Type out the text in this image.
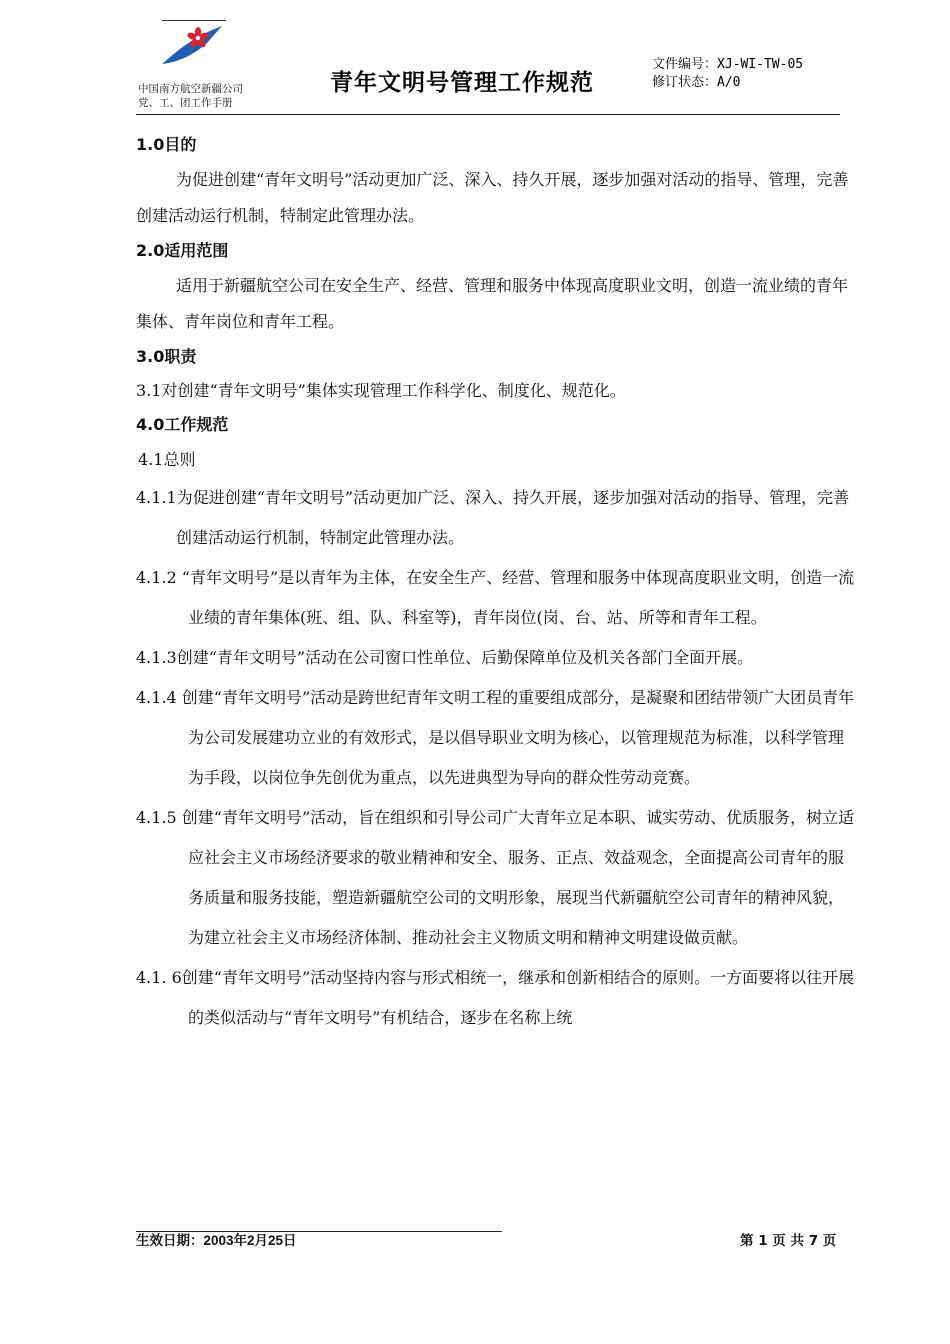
中国南方航空新疆公司
党、工、团工作手册
青年文明号管理工作规范
文件编号：XJ-WI-TW-05
修订状态：A/0
1.0目的
为促进创建“青年文明号”活动更加广泛、深入、持久开展，逐步加强对活动的指导、管理，完善创建活动运行机制，特制定此管理办法。
2.0适用范围
适用于新疆航空公司在安全生产、经营、管理和服务中体现高度职业文明，创造一流业绩的青年集体、青年岗位和青年工程。
3.0职责
3.1对创建“青年文明号”集体实现管理工作科学化、制度化、规范化。
4.0工作规范
4.1总则
4.1.1为促进创建“青年文明号”活动更加广泛、深入、持久开展，逐步加强对活动的指导、管理，完善创建活动运行机制，特制定此管理办法。
4.1.2 “青年文明号”是以青年为主体，在安全生产、经营、管理和服务中体现高度职业文明，创造一流业绩的青年集体(班、组、队、科室等)，青年岗位(岗、台、站、所等和青年工程。
4.1.3创建“青年文明号”活动在公司窗口性单位、后勤保障单位及机关各部门全面开展。
4.1.4 创建“青年文明号”活动是跨世纪青年文明工程的重要组成部分，是凝聚和团结带领广大团员青年为公司发展建功立业的有效形式，是以倡导职业文明为核心，以管理规范为标准，以科学管理为手段，以岗位争先创优为重点，以先进典型为导向的群众性劳动竞赛。
4.1.5 创建“青年文明号”活动，旨在组织和引导公司广大青年立足本职、诚实劳动、优质服务，树立适应社会主义市场经济要求的敬业精神和安全、服务、正点、效益观念，全面提高公司青年的服务质量和服务技能，塑造新疆航空公司的文明形象，展现当代新疆航空公司青年的精神风貌，为建立社会主义市场经济体制、推动社会主义物质文明和精神文明建设做贡献。
4.1. 6创建“青年文明号”活动坚持内容与形式相统一，继承和创新相结合的原则。一方面要将以往开展的类似活动与“青年文明号”有机结合，逐步在名称上统
生效日期：2003年2月25日	第 1 页 共 7 页
